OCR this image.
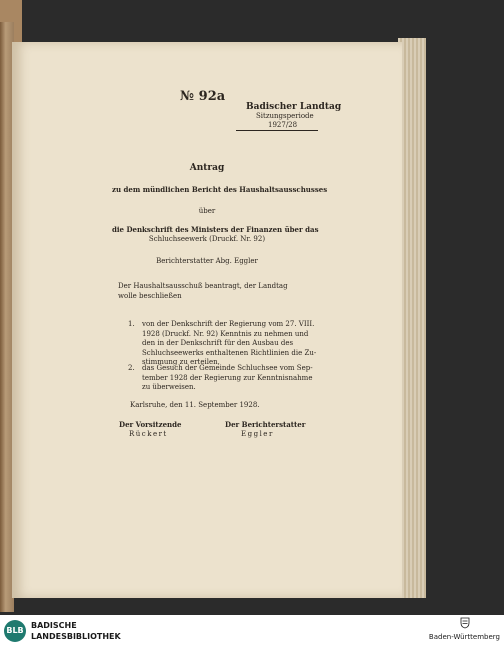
№ 92a
Badischer Landtag
Sitzungsperiode
1927/28
Antrag
zu dem mündlichen Bericht des Haushaltsausschusses
über
die Denkschrift des Ministers der Finanzen über das
Schluchseewerk (Druckf. Nr. 92)
Berichterstatter Abg. Eggler
Der Haushaltsausschuß beantragt, der Landtag
wolle beschließen
1. von der Denkschrift der Regierung vom 27. VIII.
1928 (Druckf. Nr. 92) Kenntnis zu nehmen und
den in der Denkschrift für den Ausbau des
Schluchseewerks enthaltenen Richtlinien die Zu-
stimmung zu erteilen,
2. das Gesuch der Gemeinde Schluchsee vom Sep-
tember 1928 der Regierung zur Kenntnisnahme
zu überweisen.
Karlsruhe, den 11. September 1928.
Der Vorsitzende
Rückert
Der Berichterstatter
Eggler
BLB
BADISCHE
LANDESBIBLIOTHEK	Baden-Württemberg
